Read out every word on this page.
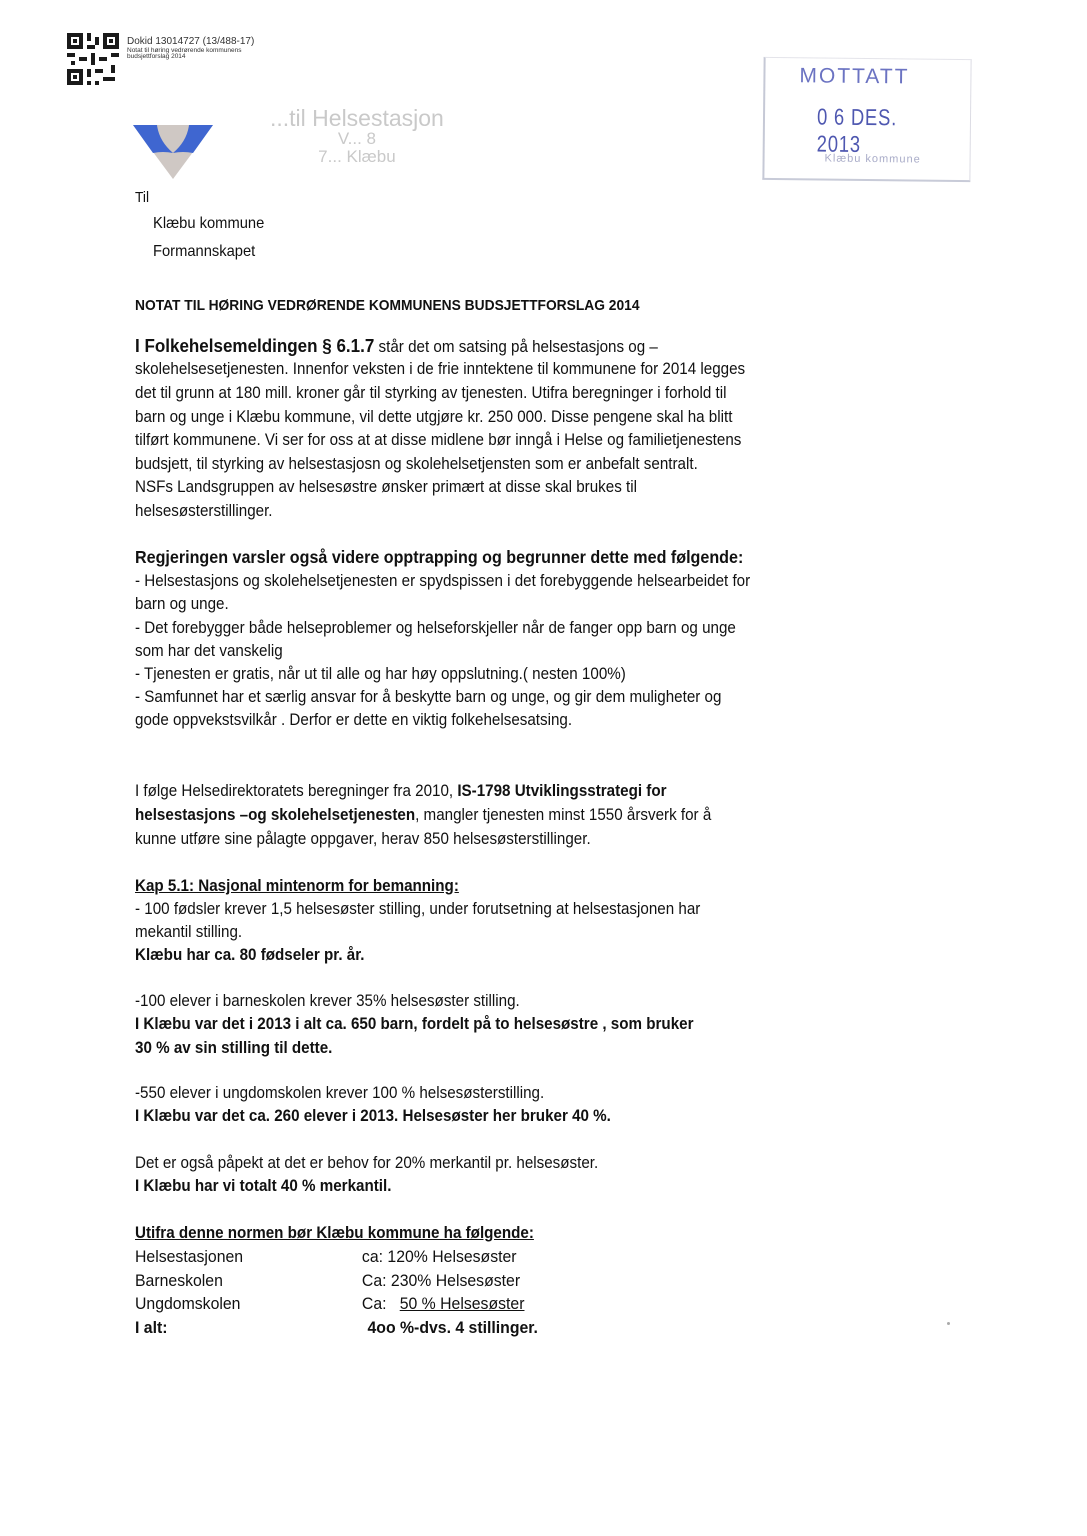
Dokid 13014727 (13/488-17)
Notat til høring vedrørende kommunens
budsjettforslag 2014
...til Helsestasjon
V... 8
7... Klæbu
MOTTATT
0 6 DES. 2013
Klæbu kommune
Til
Klæbu kommune
Formannskapet
NOTAT TIL HØRING VEDRØRENDE KOMMUNENS BUDSJETTFORSLAG 2014
I Folkehelsemeldingen § 6.1.7 står det om satsing på helsestasjons og –
skolehelsesetjenesten. Innenfor veksten i de frie inntektene til kommunene for 2014 legges
det til grunn at 180 mill. kroner går til styrking av tjenesten. Utifra beregninger i forhold til
barn og unge i Klæbu kommune, vil dette utgjøre kr. 250 000. Disse pengene skal ha blitt
tilført kommunene. Vi ser for oss at at disse midlene bør inngå i Helse og familietjenestens
budsjett, til styrking av helsestasjosn og skolehelsetjensten som er anbefalt sentralt.
NSFs Landsgruppen av helsesøstre ønsker primært at disse skal brukes til
helsesøsterstillinger.
Regjeringen varsler også videre opptrapping og begrunner dette med følgende:
- Helsestasjons og skolehelsetjenesten er spydspissen i det forebyggende helsearbeidet for
barn og unge.
- Det forebygger både helseproblemer og helseforskjeller når de fanger opp barn og unge
som har det vanskelig
- Tjenesten er gratis, når ut til alle og har høy oppslutning.( nesten 100%)
- Samfunnet har et særlig ansvar for å beskytte barn og unge, og gir dem muligheter og
gode oppvekstsvilkår . Derfor er dette en viktig folkehelsesatsing.
I følge Helsedirektoratets beregninger fra 2010, IS-1798 Utviklingsstrategi for
helsestasjons –og skolehelsetjenesten, mangler tjenesten minst 1550 årsverk for å
kunne utføre sine pålagte oppgaver, herav 850 helsesøsterstillinger.
Kap 5.1: Nasjonal mintenorm for bemanning:
- 100 fødsler krever 1,5 helsesøster stilling, under forutsetning at helsestasjonen har
mekantil stilling.
Klæbu har ca. 80 fødseler pr. år.
-100 elever i barneskolen krever 35% helsesøster stilling.
I Klæbu var det i 2013 i alt ca. 650 barn, fordelt på to helsesøstre , som bruker
30 % av sin stilling til dette.
-550 elever i ungdomskolen krever 100 % helsesøsterstilling.
I Klæbu var det ca. 260 elever i 2013. Helsesøster her bruker 40 %.
Det er også påpekt at det er behov for 20% merkantil pr. helsesøster.
I Klæbu har vi totalt 40 % merkantil.
Utifra denne normen bør Klæbu kommune ha følgende:
Helsestasjonen	ca: 120% Helsesøster
Barneskolen	Ca: 230% Helsesøster
Ungdomskolen	Ca:   50 % Helsesøster
I alt:	4oo %-dvs. 4 stillinger.
